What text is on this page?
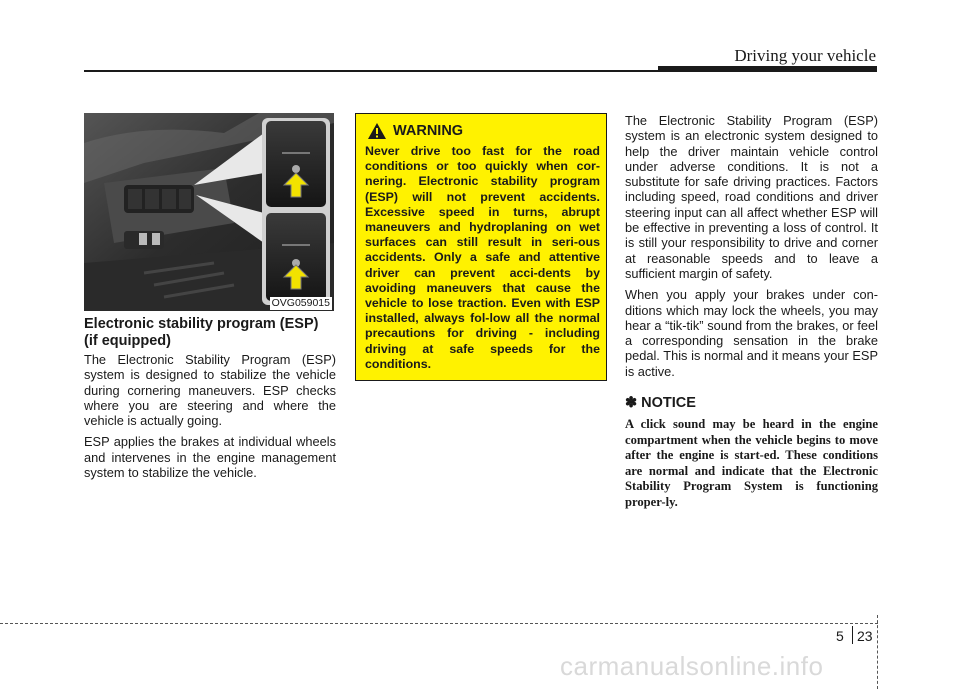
Driving your vehicle
OVG059015
Electronic stability program (ESP) (if equipped)

The Electronic Stability Program (ESP) system is designed to stabilize the vehicle during cornering maneuvers. ESP checks where you are steering and where the vehicle is actually going.

ESP applies the brakes at individual wheels and intervenes in the engine management system to stabilize the vehicle.

WARNING

Never drive too fast for the road conditions or too quickly when cor-nering. Electronic stability program (ESP) will not prevent accidents. Excessive speed in turns, abrupt maneuvers and hydroplaning on wet surfaces can still result in seri-ous accidents. Only a safe and attentive driver can prevent acci-dents by avoiding maneuvers that cause the vehicle to lose traction. Even with ESP installed, always fol-low all the normal precautions for driving - including driving at safe speeds for the conditions.

The Electronic Stability Program (ESP) system is an electronic system designed to help the driver maintain vehicle control under adverse conditions. It is not a substitute for safe driving practices. Factors including speed, road conditions and driver steering input can all affect whether ESP will be effective in preventing a loss of control. It is still your responsibility to drive and corner at reasonable speeds and to leave a sufficient margin of safety.

When you apply your brakes under con-ditions which may lock the wheels, you may hear a “tik-tik” sound from the brakes, or feel a corresponding sensation in the brake pedal. This is normal and it means your ESP is active.

✽ NOTICE

A click sound may be heard in the engine compartment when the vehicle begins to move after the engine is start-ed. These conditions are normal and indicate that the Electronic Stability Program System is functioning proper-ly.

5 23
carmanualsonline.info
